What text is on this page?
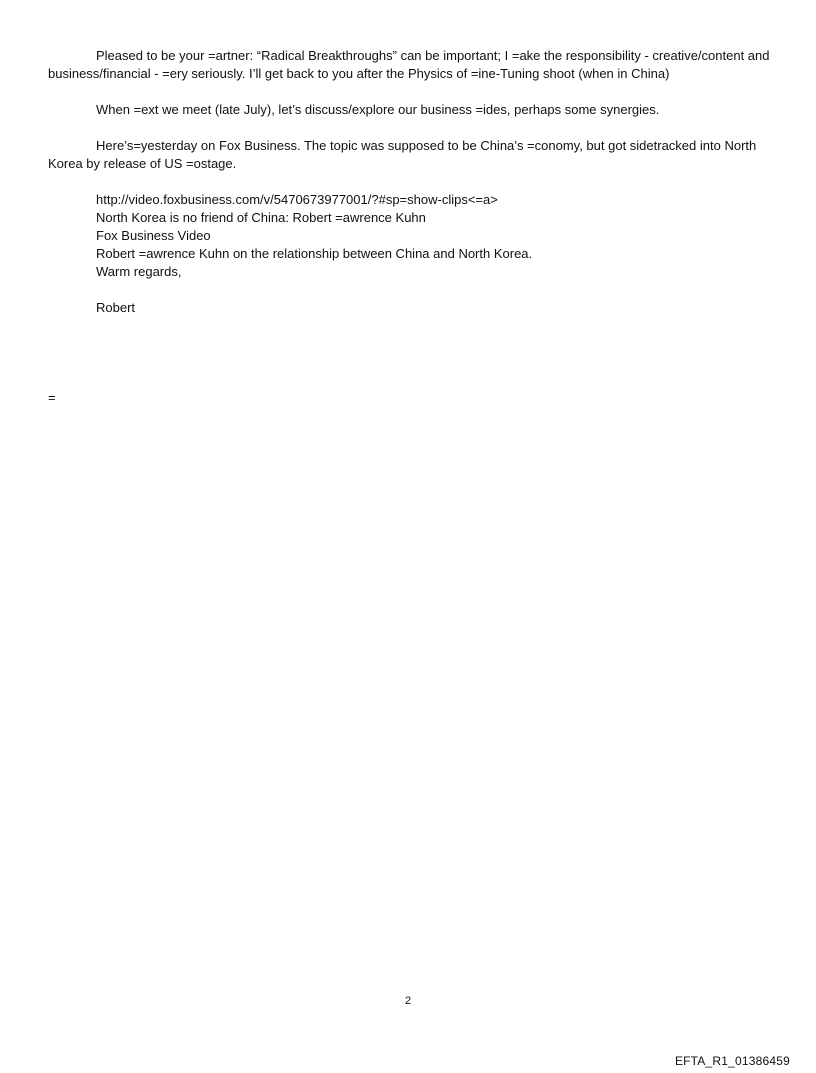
Pleased to be your =artner: “Radical Breakthroughs” can be important; I =ake the responsibility - creative/content and business/financial - =ery seriously. I’ll get back to you after the Physics of =ine-Tuning shoot (when in China)

When =ext we meet (late July), let’s discuss/explore our business =ides, perhaps some synergies.

Here’s=yesterday on Fox Business. The topic was supposed to be China’s =conomy, but got sidetracked into North Korea by release of US =ostage.

http://video.foxbusiness.com/v/5470673977001/?#sp=show-clips<=a>
North Korea is no friend of China: Robert =awrence Kuhn
Fox Business Video
Robert =awrence Kuhn on the relationship between China and North Korea.
Warm regards,
Robert
=
2
EFTA_R1_01386459
